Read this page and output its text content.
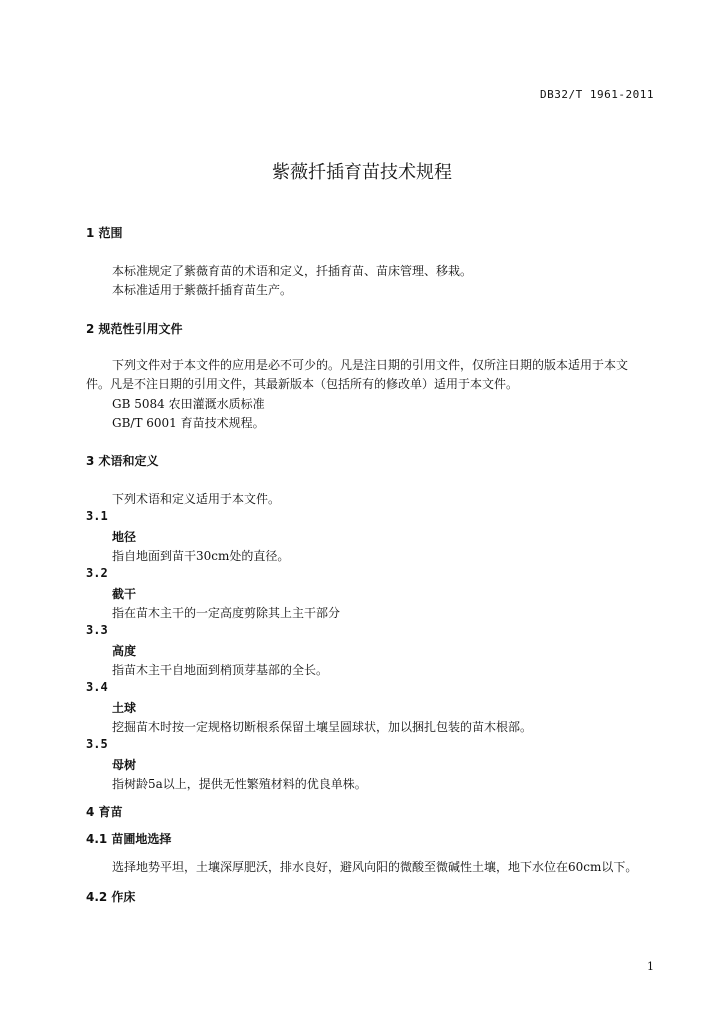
DB32/T 1961-2011
紫薇扦插育苗技术规程
1 范围
本标准规定了紫薇育苗的术语和定义，扦插育苗、苗床管理、移栽。
本标准适用于紫薇扦插育苗生产。
2 规范性引用文件
下列文件对于本文件的应用是必不可少的。凡是注日期的引用文件，仅所注日期的版本适用于本文
件。凡是不注日期的引用文件，其最新版本（包括所有的修改单）适用于本文件。
GB 5084 农田灌溉水质标准
GB/T 6001 育苗技术规程。
3 术语和定义
下列术语和定义适用于本文件。
3.1
地径
指自地面到苗干30cm处的直径。
3.2
截干
指在苗木主干的一定高度剪除其上主干部分
3.3
高度
指苗木主干自地面到梢顶芽基部的全长。
3.4
土球
挖掘苗木时按一定规格切断根系保留土壤呈圆球状，加以捆扎包装的苗木根部。
3.5
母树
指树龄5a以上，提供无性繁殖材料的优良单株。
4 育苗
4.1 苗圃地选择
选择地势平坦，土壤深厚肥沃，排水良好，避风向阳的微酸至微碱性土壤，地下水位在60cm以下。
4.2 作床
1
